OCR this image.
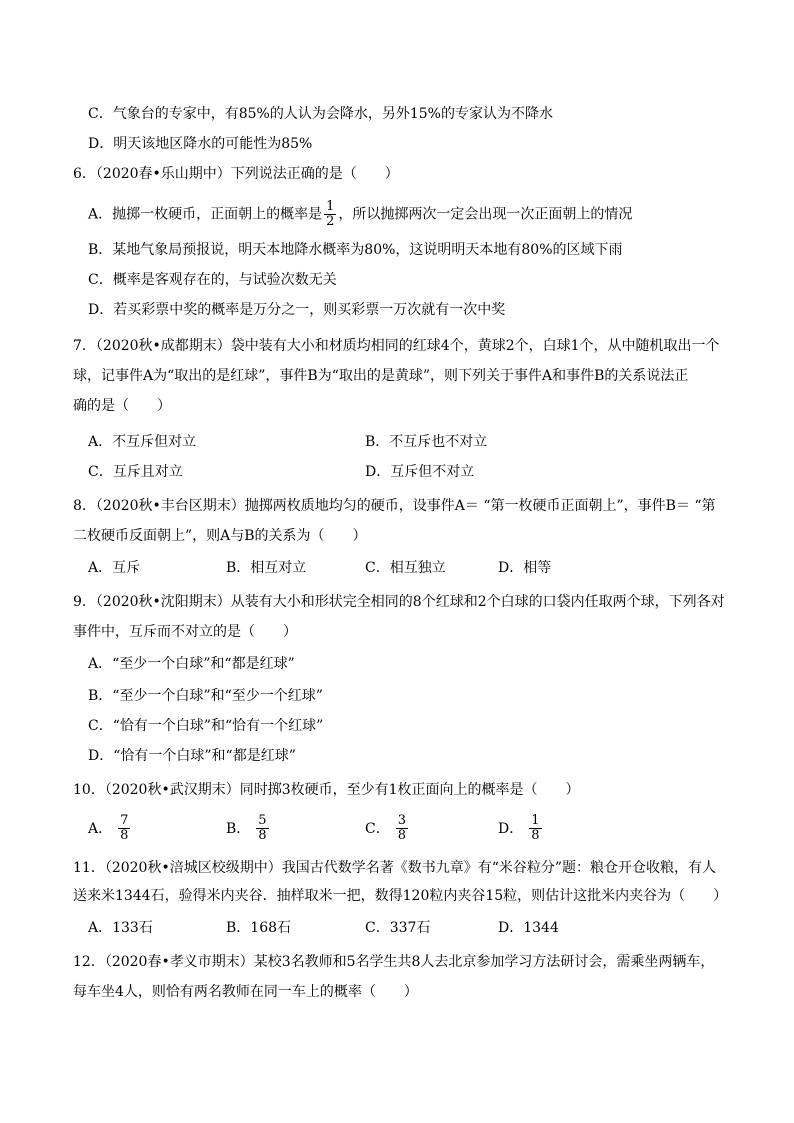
C．气象台的专家中，有85%的人认为会降水，另外15%的专家认为不降水
D．明天该地区降水的可能性为85%
6．（2020春•乐山期中）下列说法正确的是（　　）
A．抛掷一枚硬币，正面朝上的概率是 $\frac{1}{2}$ ，所以抛掷两次一定会出现一次正面朝上的情况
B．某地气象局预报说，明天本地降水概率为80%，这说明明天本地有80%的区域下雨
C．概率是客观存在的，与试验次数无关
D．若买彩票中奖的概率是万分之一，则买彩票一万次就有一次中奖
7．（2020秋•成都期末）袋中装有大小和材质均相同的红球4个，黄球2个，白球1个，从中随机取出一个
球，记事件A为“取出的是红球”，事件B为“取出的是黄球”，则下列关于事件A和事件B的关系说法正
确的是（　　）
A．不互斥但对立	B．不互斥也不对立
C．互斥且对立	D．互斥但不对立
8．（2020秋•丰台区期末）抛掷两枚质地均匀的硬币，设事件A＝ “第一枚硬币正面朝上”，事件B＝ “第
二枚硬币反面朝上”，则A与B的关系为（　　）
A．互斥	B．相互对立	C．相互独立	D．相等
9．（2020秋•沈阳期末）从装有大小和形状完全相同的8个红球和2个白球的口袋内任取两个球，下列各对
事件中，互斥而不对立的是（　　）
A．“至少一个白球”和“都是红球”
B．“至少一个白球”和“至少一个红球”
C．“恰有一个白球”和“恰有一个红球”
D．“恰有一个白球”和“都是红球”
10．（2020秋•武汉期末）同时掷3枚硬币，至少有1枚正面向上的概率是（　　）
A． $\frac{7}{8}$	B． $\frac{5}{8}$	C． $\frac{3}{8}$	D． $\frac{1}{8}$
11．（2020秋•涪城区校级期中）我国古代数学名著《数书九章》有“米谷粒分”题：粮仓开仓收粮，有人
送来米1344石，验得米内夹谷．抽样取米一把，数得120粒内夹谷15粒，则估计这批米内夹谷为（　　）
A．133石	B．168石	C．337石	D．1344
12．（2020春•孝义市期末）某校3名教师和5名学生共8人去北京参加学习方法研讨会，需乘坐两辆车，
每车坐4人，则恰有两名教师在同一车上的概率（　　）
